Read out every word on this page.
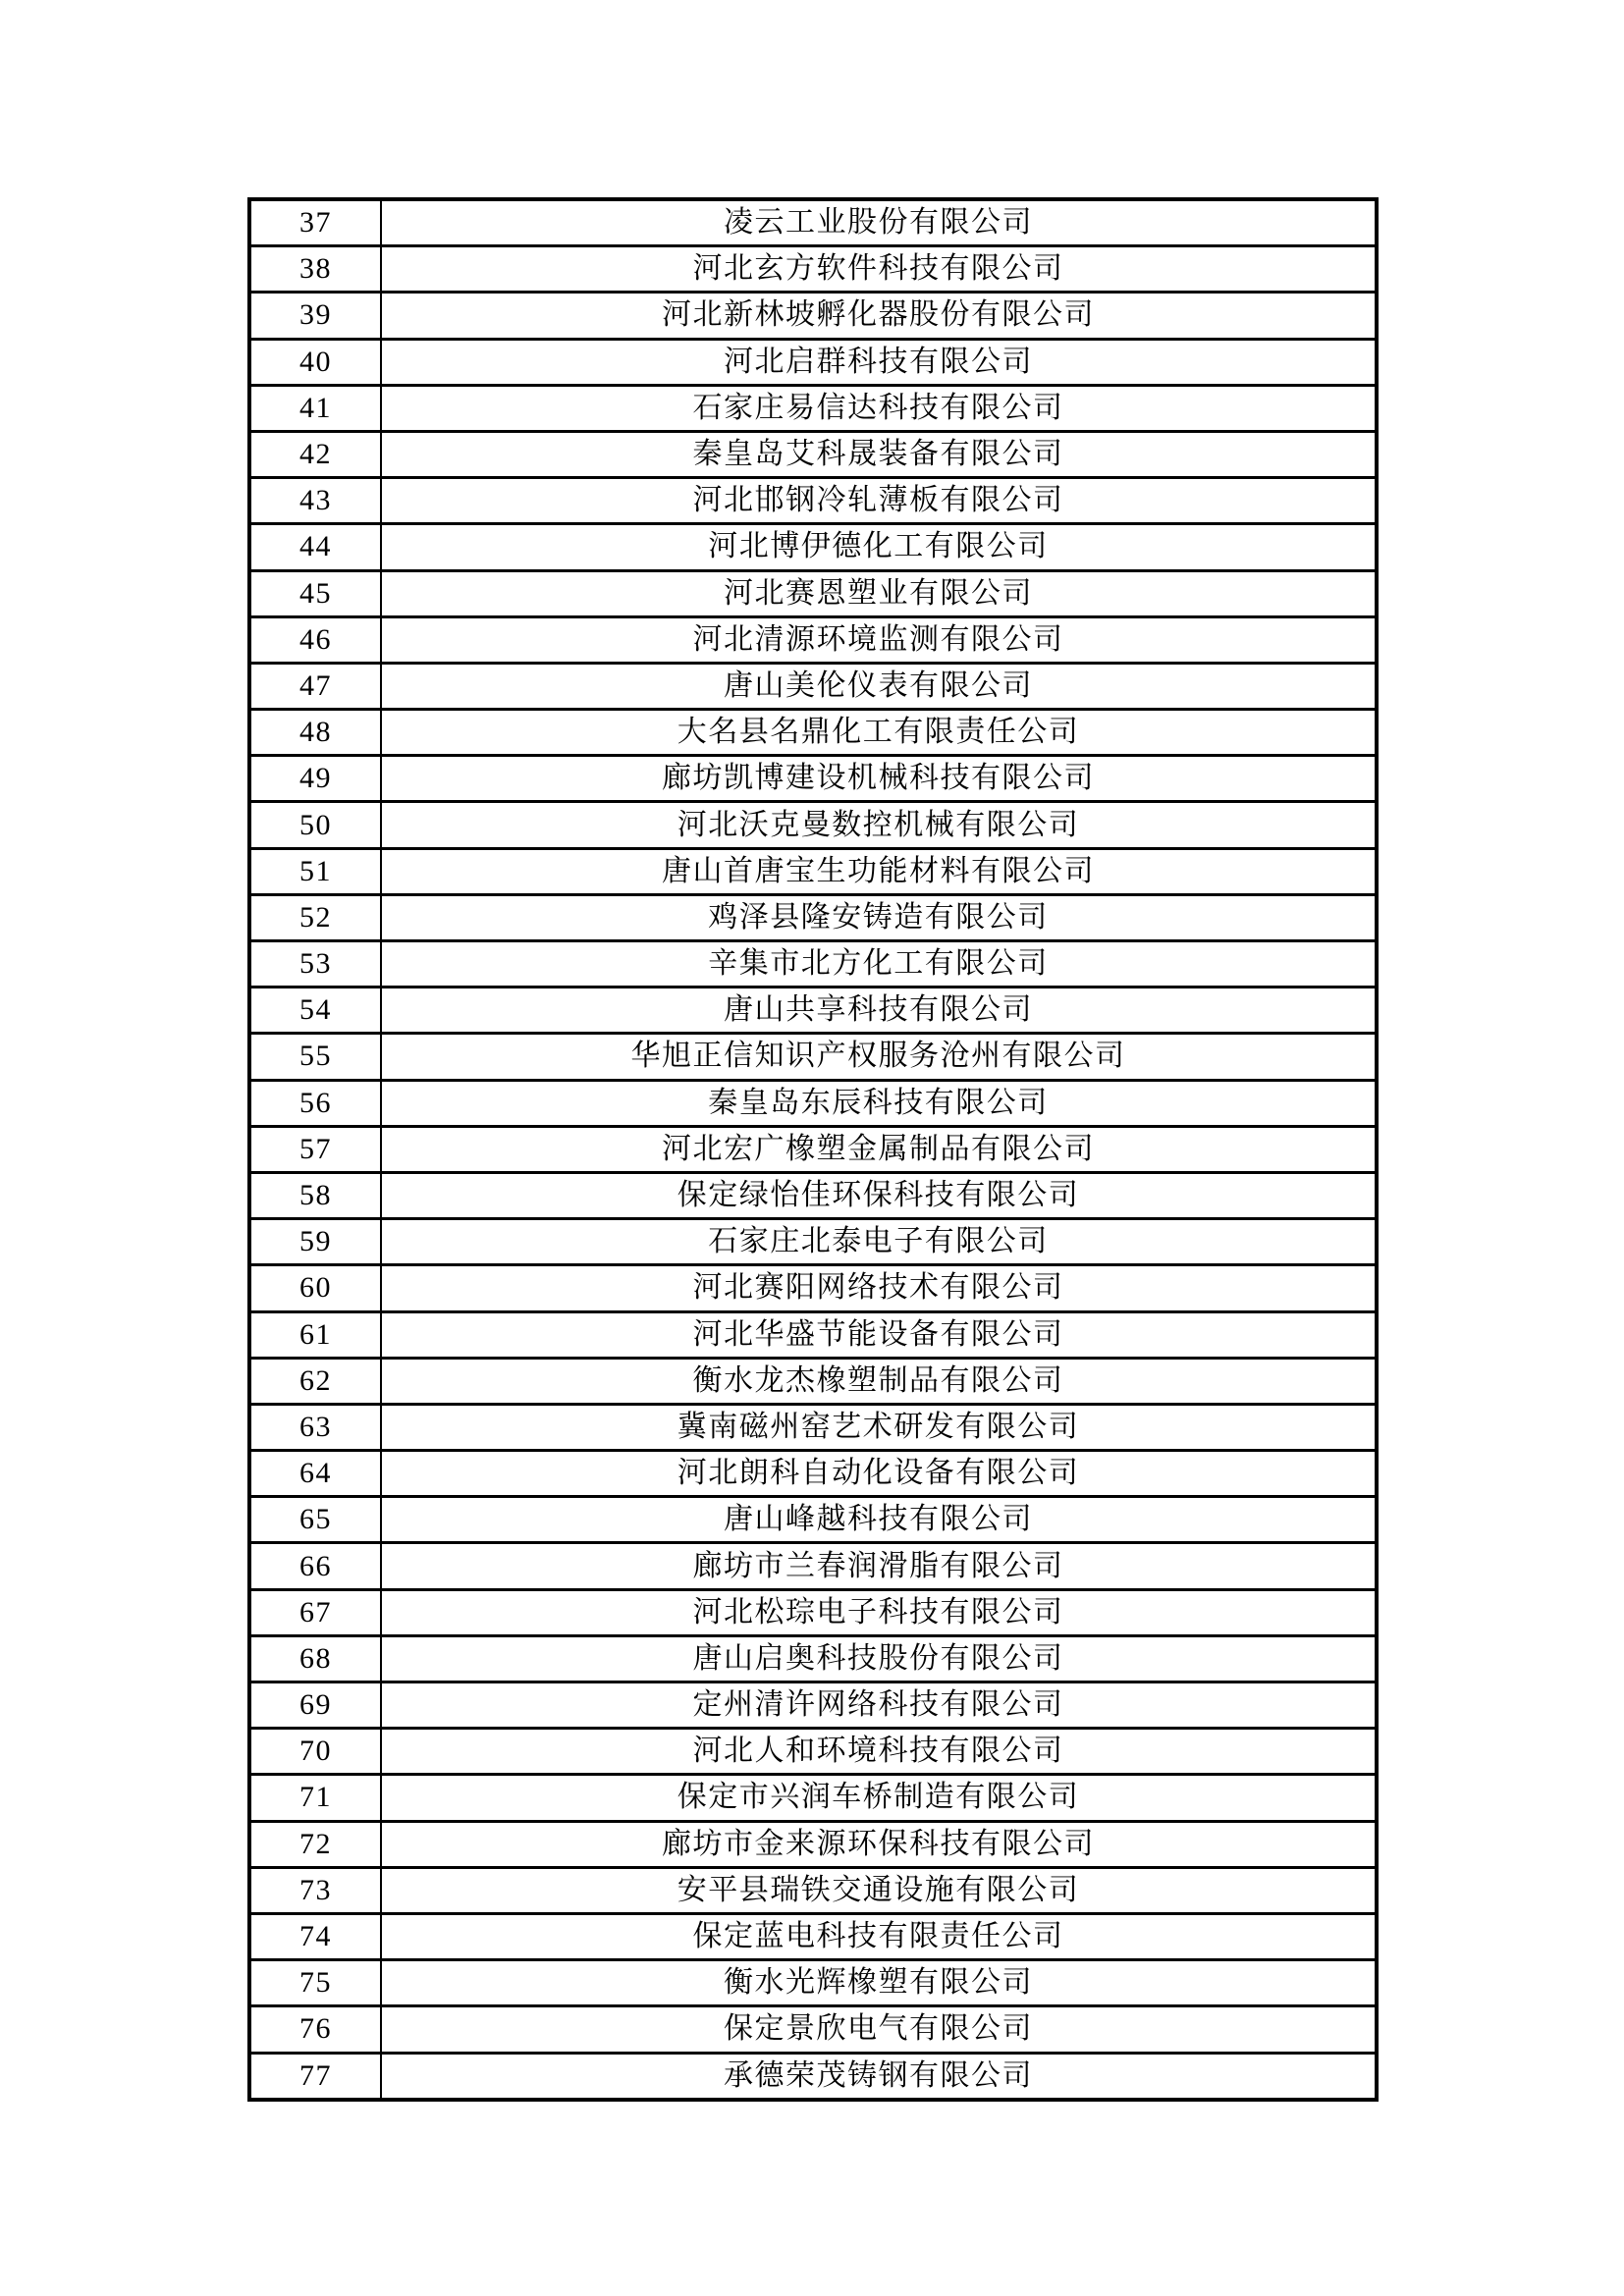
37	凌云工业股份有限公司
38	河北玄方软件科技有限公司
39	河北新林坡孵化器股份有限公司
40	河北启群科技有限公司
41	石家庄易信达科技有限公司
42	秦皇岛艾科晟装备有限公司
43	河北邯钢冷轧薄板有限公司
44	河北博伊德化工有限公司
45	河北赛恩塑业有限公司
46	河北清源环境监测有限公司
47	唐山美伦仪表有限公司
48	大名县名鼎化工有限责任公司
49	廊坊凯博建设机械科技有限公司
50	河北沃克曼数控机械有限公司
51	唐山首唐宝生功能材料有限公司
52	鸡泽县隆安铸造有限公司
53	辛集市北方化工有限公司
54	唐山共享科技有限公司
55	华旭正信知识产权服务沧州有限公司
56	秦皇岛东辰科技有限公司
57	河北宏广橡塑金属制品有限公司
58	保定绿怡佳环保科技有限公司
59	石家庄北泰电子有限公司
60	河北赛阳网络技术有限公司
61	河北华盛节能设备有限公司
62	衡水龙杰橡塑制品有限公司
63	冀南磁州窑艺术研发有限公司
64	河北朗科自动化设备有限公司
65	唐山峰越科技有限公司
66	廊坊市兰春润滑脂有限公司
67	河北松琮电子科技有限公司
68	唐山启奥科技股份有限公司
69	定州清许网络科技有限公司
70	河北人和环境科技有限公司
71	保定市兴润车桥制造有限公司
72	廊坊市金来源环保科技有限公司
73	安平县瑞铁交通设施有限公司
74	保定蓝电科技有限责任公司
75	衡水光辉橡塑有限公司
76	保定景欣电气有限公司
77	承德荣茂铸钢有限公司
